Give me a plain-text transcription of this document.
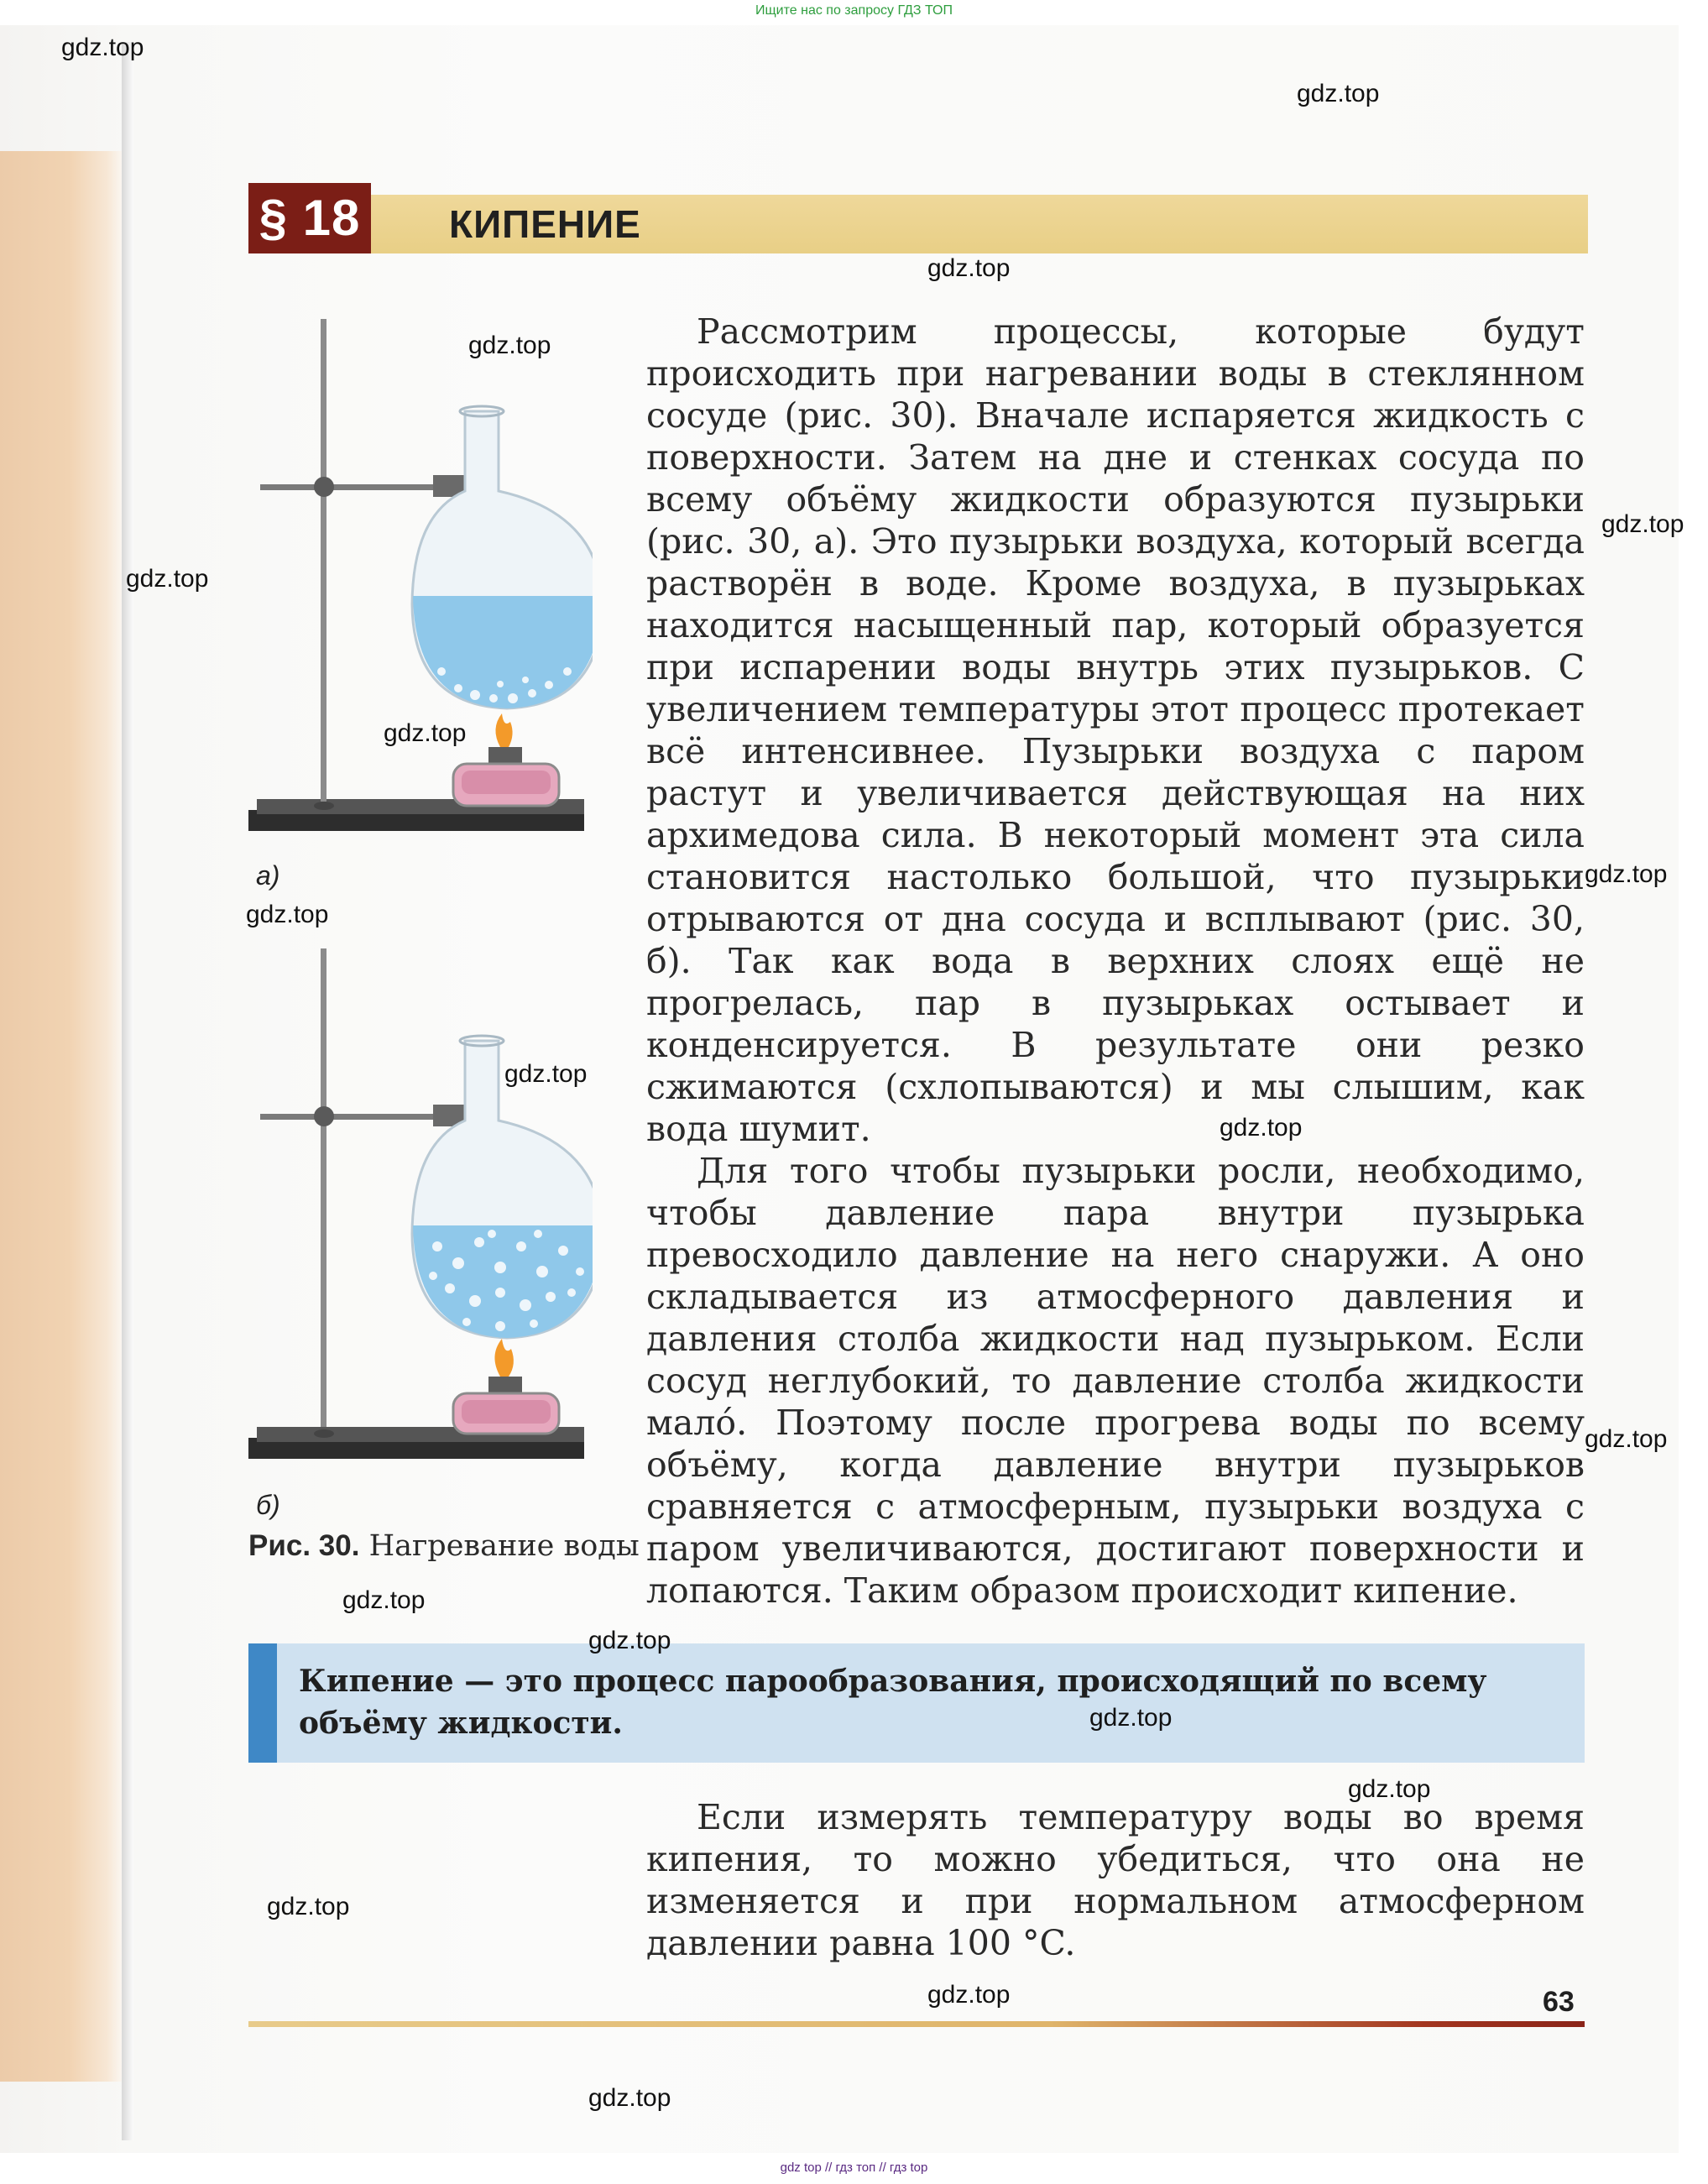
Ищите нас по запросу ГДЗ ТОП
§ 18 КИПЕНИЕ
а)
б)
Рис. 30. Нагревание воды

Рассмотрим процессы, которые будут происходить при нагревании воды в стеклянном сосуде (рис. 30). Вначале испаряется жидкость с поверхности. Затем на дне и стенках сосуда по всему объёму жидкости образуются пузырьки (рис. 30, а). Это пузырьки воздуха, который всегда растворён в воде. Кроме воздуха, в пузырьках находится насыщенный пар, который образуется при испарении воды внутрь этих пузырьков. С увеличением температуры этот процесс протекает всё интенсивнее. Пузырьки воздуха с паром растут и увеличивается действующая на них архимедова сила. В некоторый момент эта сила становится настолько большой, что пузырьки отрываются от дна сосуда и всплывают (рис. 30, б). Так как вода в верхних слоях ещё не прогрелась, пар в пузырьках остывает и конденсируется. В результате они резко сжимаются (схлопываются) и мы слышим, как вода шумит.

Для того чтобы пузырьки росли, необходимо, чтобы давление пара внутри пузырька превосходило давление на него снаружи. А оно складывается из атмосферного давления и давления столба жидкости над пузырьком. Если сосуд неглубокий, то давление столба жидкости мало́. Поэтому после прогрева воды по всему объёму, когда давление внутри пузырьков сравняется с атмосферным, пузырьки воздуха с паром увеличиваются, достигают поверхности и лопаются. Таким образом происходит кипение.

Кипение — это процесс парообразования, происходящий по всему объёму жидкости.

Если измерять температуру воды во время кипения, то можно убедиться, что она не изменяется и при нормальном атмосферном давлении равна 100 °C.

63
gdz.top
gdz.top
gdz.top
gdz.top
gdz.top
gdz.top
gdz.top
gdz.top
gdz.top
gdz.top
gdz.top
gdz.top
gdz.top
gdz.top
gdz.top
gdz.top
gdz.top
gdz.top
gdz.top
gdz top // гдз топ // гдз top
